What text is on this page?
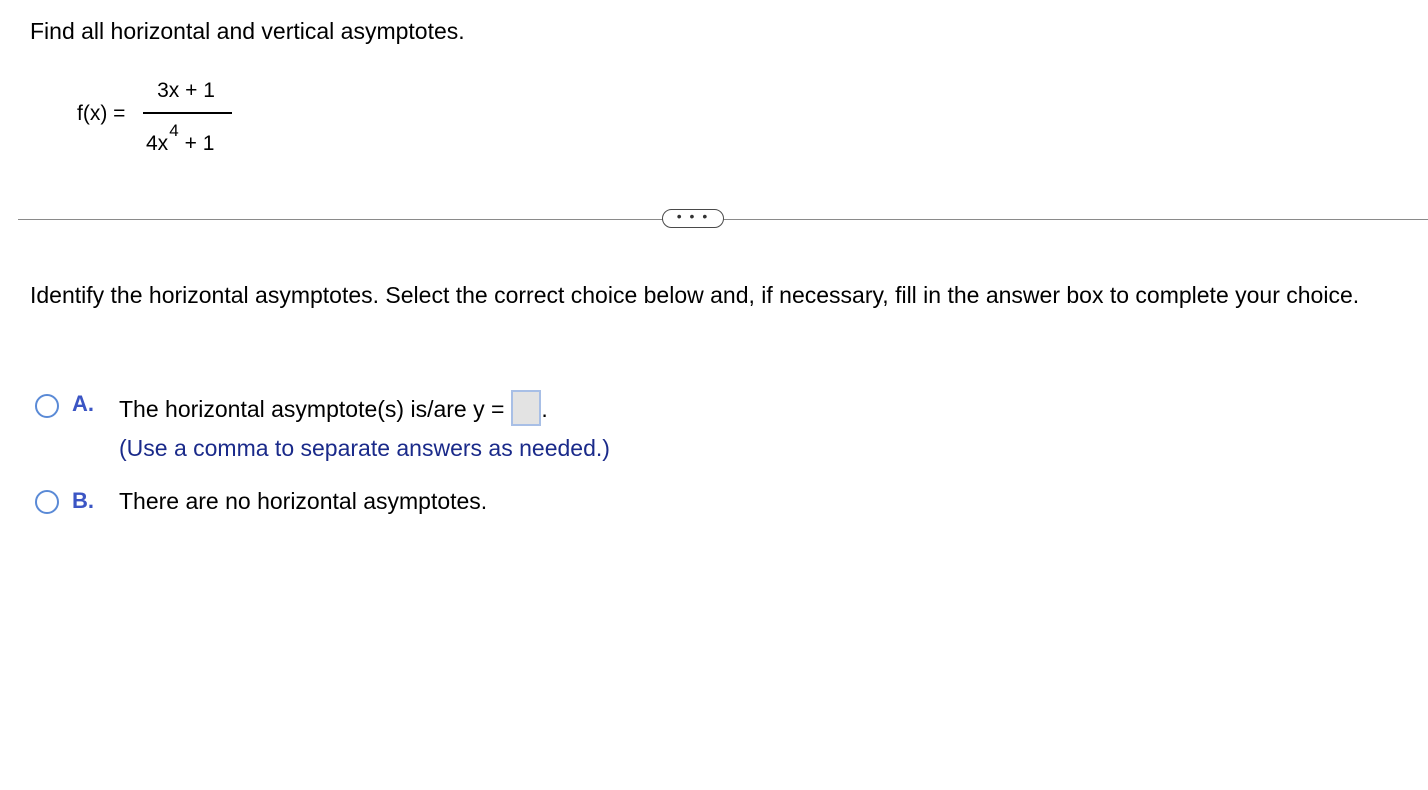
Find all horizontal and vertical asymptotes.
f(x) =
3x + 1
$4x^4+ 1$
• • •
Identify the horizontal asymptotes. Select the correct choice below and, if necessary, fill in the answer box to complete your choice.
A. The horizontal asymptote(s) is/are y = .
(Use a comma to separate answers as needed.)
B. There are no horizontal asymptotes.
